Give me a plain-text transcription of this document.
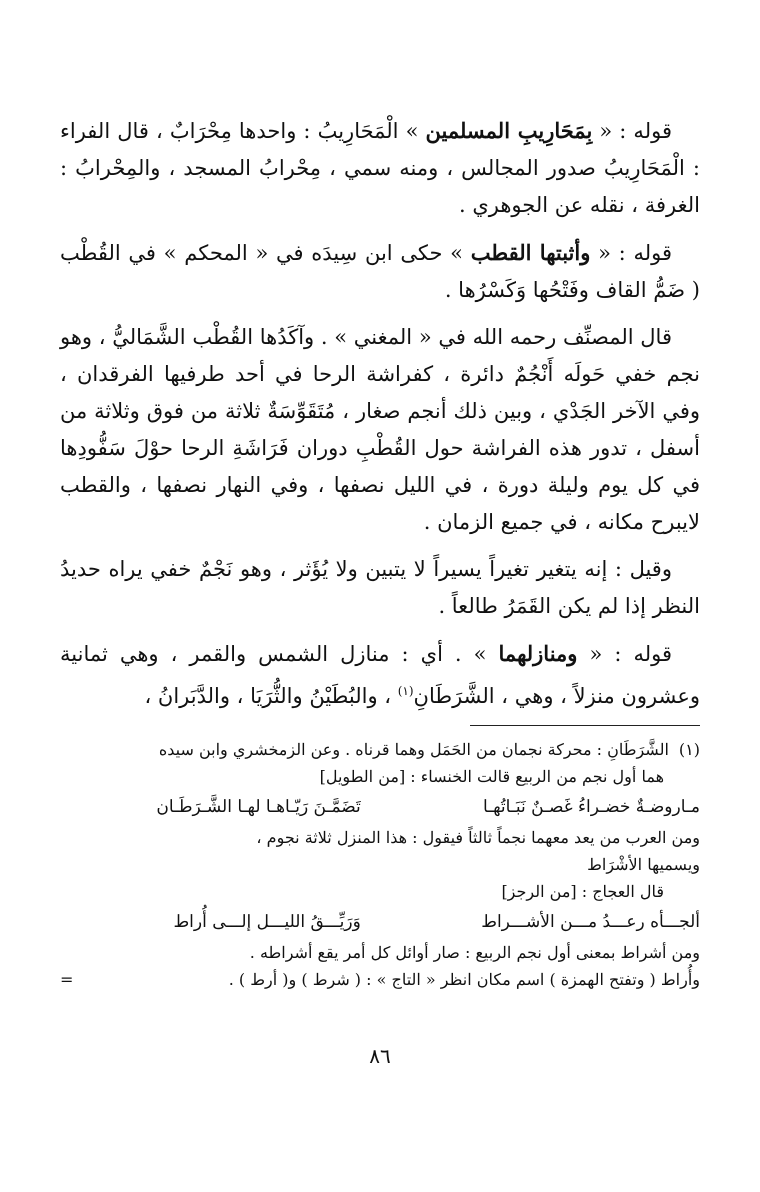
قوله : « بِمَحَارِيبِ المسلمين » الْمَحَارِيبُ : واحدها مِحْرَابٌ ، قال الفراء : الْمَحَارِيبُ صدور المجالس ، ومنه سمي ، مِحْرابُ المسجد ، والمِحْرابُ : الغرفة ، نقله عن الجوهري .

قوله : « وأثبتها القطب » حكى ابن سِيدَه في « المحكم » في القُطْب ( ضَمُّ القاف وفَتْحُها وَكَسْرُها .

قال المصنِّف رحمه الله في « المغني » . وآكَدُها القُطْب الشَّمَاليُّ ، وهو نجم خفي حَولَه أَنْجُمٌ دائرة ، كفراشة الرحا في أحد طرفيها الفرقدان ، وفي الآخر الجَدْي ، وبين ذلك أنجم صغار ، مُتَقَوِّسَةٌ ثلاثة من فوق وثلاثة من أسفل ، تدور هذه الفراشة حول القُطْبِ دوران فَرَاشَةِ الرحا حوْلَ سَفُّودِها في كل يوم وليلة دورة ، في الليل نصفها ، وفي النهار نصفها ، والقطب لايبرح مكانه ، في جميع الزمان .

وقيل : إنه يتغير تغيراً يسيراً لا يتبين ولا يُؤَثر ، وهو نَجْمٌ خفي يراه حديدُ النظر إذا لم يكن القَمَرُ طالعاً .

قوله : « ومنازلهما » . أي : منازل الشمس والقمر ، وهي ثمانية وعشرون منزلاً ، وهي ، الشَّرَطَانِ$^{(١)}$ ، والبُطَيْنُ والثُّرَيَا ، والدَّبَرانُ ،

(١)
الشَّرَطَانِ : محركة نجمان من الحَمَل وهما قرناه . وعن الزمخشري وابن سيده
هما أول نجم من الربيع قالت الخنساء : [من الطويل]
مـاروضـةٌ خضـراءُ غَصـنٌ نَبَـاتُهـا
تَضَمَّـنَ رَيّـاهـا لهـا الشَّـرَطَـان
ومن العرب من يعد معهما نجماً ثالثاً فيقول : هذا المنزل ثلاثة نجوم ،
ويسميها الأشْرَاط
قال العجاج : [من الرجز]
ألجـــأه رعـــدُ مـــن الأشـــراط
وَرَيِّـــقُ الليـــل إلـــى أُراط
ومن أشراط بمعنى أول نجم الربيع : صار أوائل كل أمر يقع أشراطه .
وأُراط ( وتفتح الهمزة ) اسم مكان انظر « التاج » : ( شرط ) و( أرط ) .
=
٨٦
